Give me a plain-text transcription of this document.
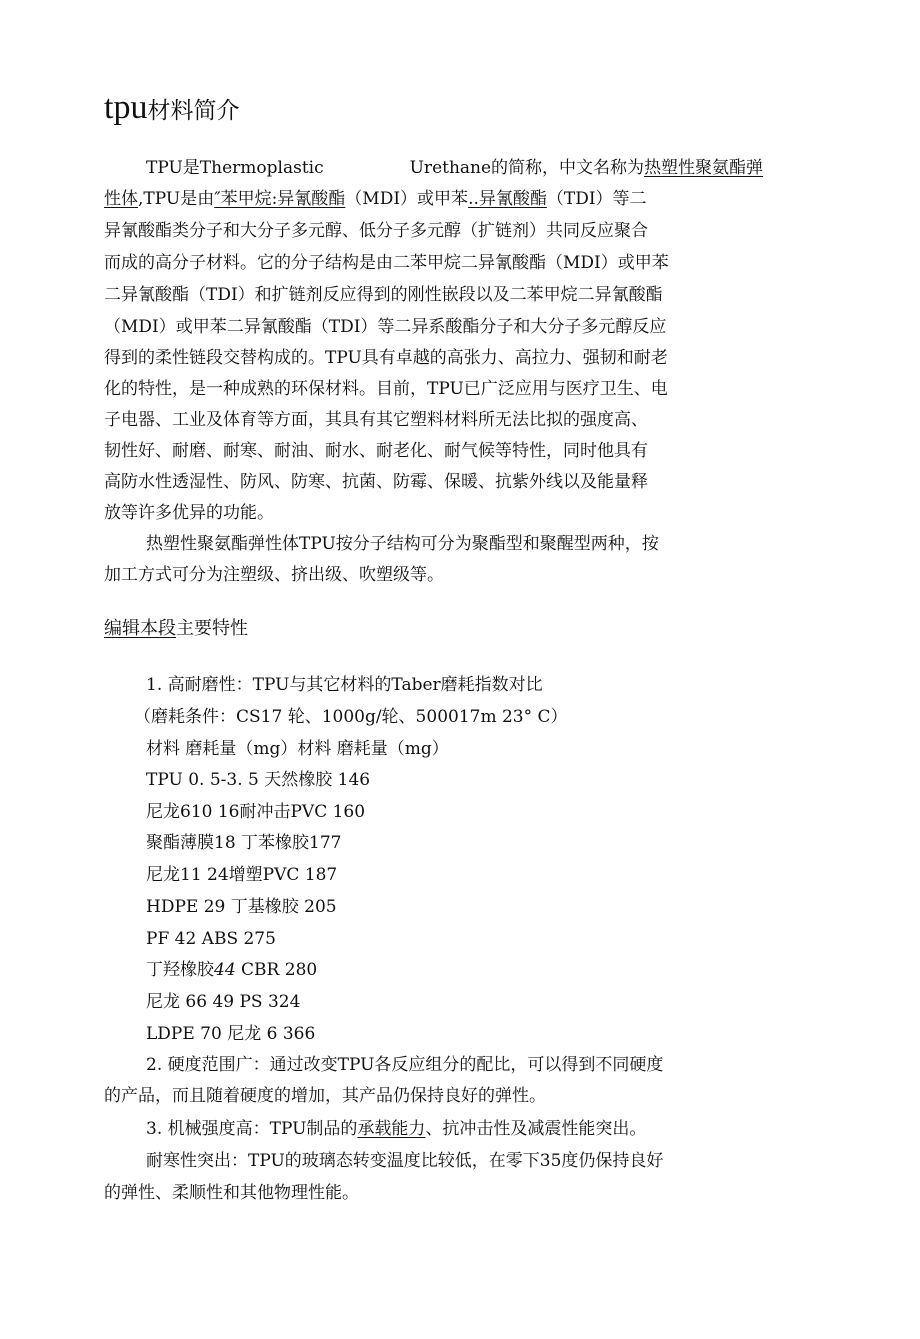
tpu材料简介
TPU是Thermoplastic	Urethane的简称，中文名称为热塑性聚氨酯弹
性体,TPU是由″苯甲烷:异氰酸酯（MDI）或甲苯..异氰酸酯（TDI）等二
异氰酸酯类分子和大分子多元醇、低分子多元醇（扩链剂）共同反应聚合
而成的高分子材料。它的分子结构是由二苯甲烷二异氰酸酯（MDI）或甲苯
二异氰酸酯（TDI）和扩链剂反应得到的刚性嵌段以及二苯甲烷二异氰酸酯
（MDI）或甲苯二异氰酸酯（TDI）等二异系酸酯分子和大分子多元醇反应
得到的柔性链段交替构成的。TPU具有卓越的高张力、高拉力、强韧和耐老
化的特性，是一种成熟的环保材料。目前，TPU已广泛应用与医疗卫生、电
子电器、工业及体育等方面，其具有其它塑料材料所无法比拟的强度高、
韧性好、耐磨、耐寒、耐油、耐水、耐老化、耐气候等特性，同时他具有
高防水性透湿性、防风、防寒、抗菌、防霉、保暖、抗紫外线以及能量释
放等许多优异的功能。
热塑性聚氨酯弹性体TPU按分子结构可分为聚酯型和聚醒型两种，按
加工方式可分为注塑级、挤出级、吹塑级等。
编辑本段主要特性
1. 高耐磨性：TPU与其它材料的Taber磨耗指数对比
（磨耗条件：CS17 轮、1000g/轮、500017m 23° C）
材料 磨耗量（mg）材料 磨耗量（mg）
TPU 0. 5-3. 5 天然橡胶 146
尼龙610 16耐冲击PVC 160
聚酯薄膜18 丁苯橡胶177
尼龙11 24增塑PVC 187
HDPE 29 丁基橡胶 205
PF 42 ABS 275
丁羟橡胶44 CBR 280
尼龙 66 49 PS 324
LDPE 70 尼龙 6 366
2. 硬度范围广：通过改变TPU各反应组分的配比，可以得到不同硬度
的产品，而且随着硬度的增加，其产品仍保持良好的弹性。
3. 机械强度高：TPU制品的承载能力、抗冲击性及减震性能突出。
耐寒性突出：TPU的玻璃态转变温度比较低，在零下35度仍保持良好
的弹性、柔顺性和其他物理性能。
